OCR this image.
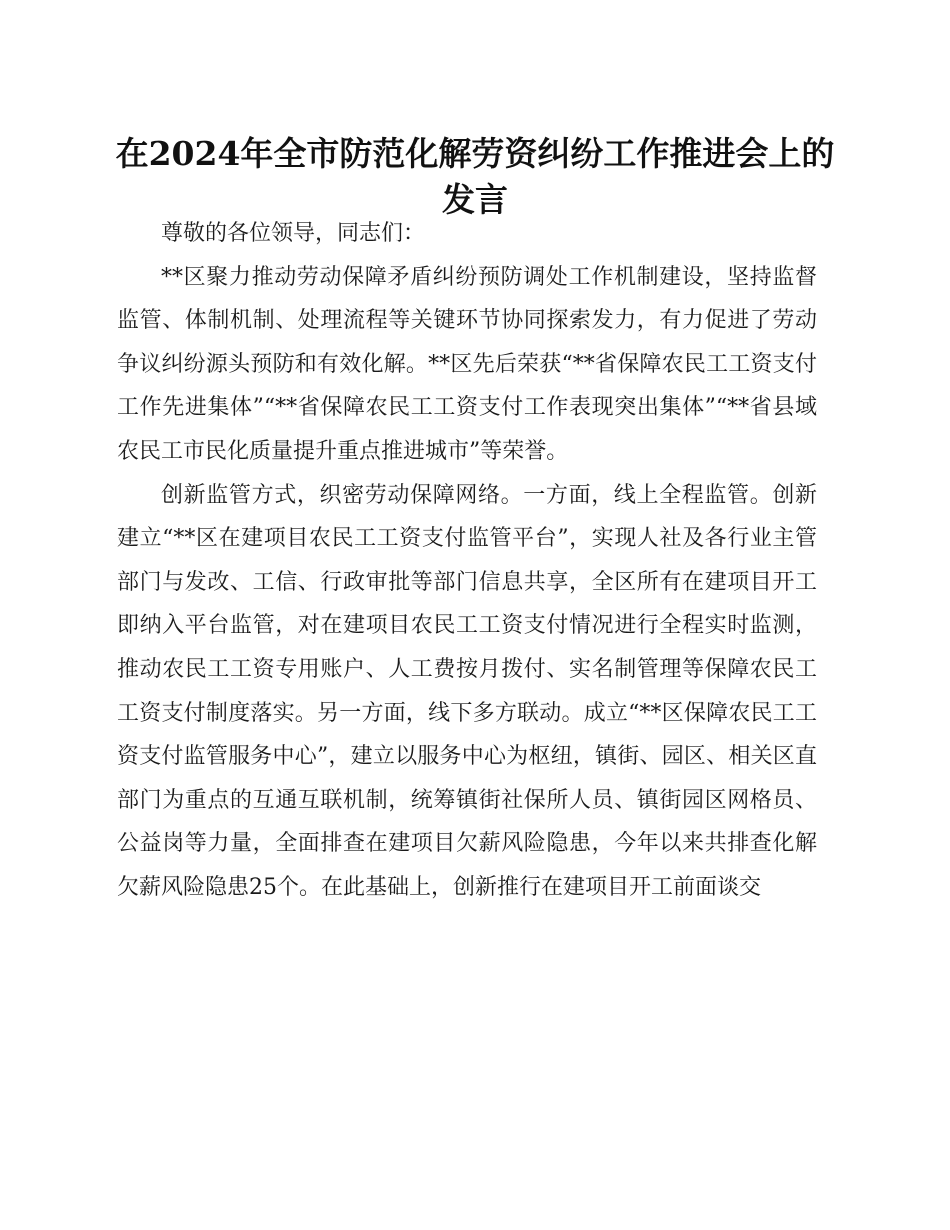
在2024年全市防范化解劳资纠纷工作推进会上的发言

尊敬的各位领导，同志们：

**区聚力推动劳动保障矛盾纠纷预防调处工作机制建设，坚持监督监管、体制机制、处理流程等关键环节协同探索发力，有力促进了劳动争议纠纷源头预防和有效化解。**区先后荣获“**省保障农民工工资支付工作先进集体”“**省保障农民工工资支付工作表现突出集体”“**省县域农民工市民化质量提升重点推进城市”等荣誉。

创新监管方式，织密劳动保障网络。一方面，线上全程监管。创新建立“**区在建项目农民工工资支付监管平台”，实现人社及各行业主管部门与发改、工信、行政审批等部门信息共享，全区所有在建项目开工即纳入平台监管，对在建项目农民工工资支付情况进行全程实时监测，推动农民工工资专用账户、人工费按月拨付、实名制管理等保障农民工工资支付制度落实。另一方面，线下多方联动。成立“**区保障农民工工资支付监管服务中心”，建立以服务中心为枢纽，镇街、园区、相关区直部门为重点的互通互联机制，统筹镇街社保所人员、镇街园区网格员、公益岗等力量，全面排查在建项目欠薪风险隐患，今年以来共排查化解欠薪风险隐患25个。在此基础上，创新推行在建项目开工前面谈交
